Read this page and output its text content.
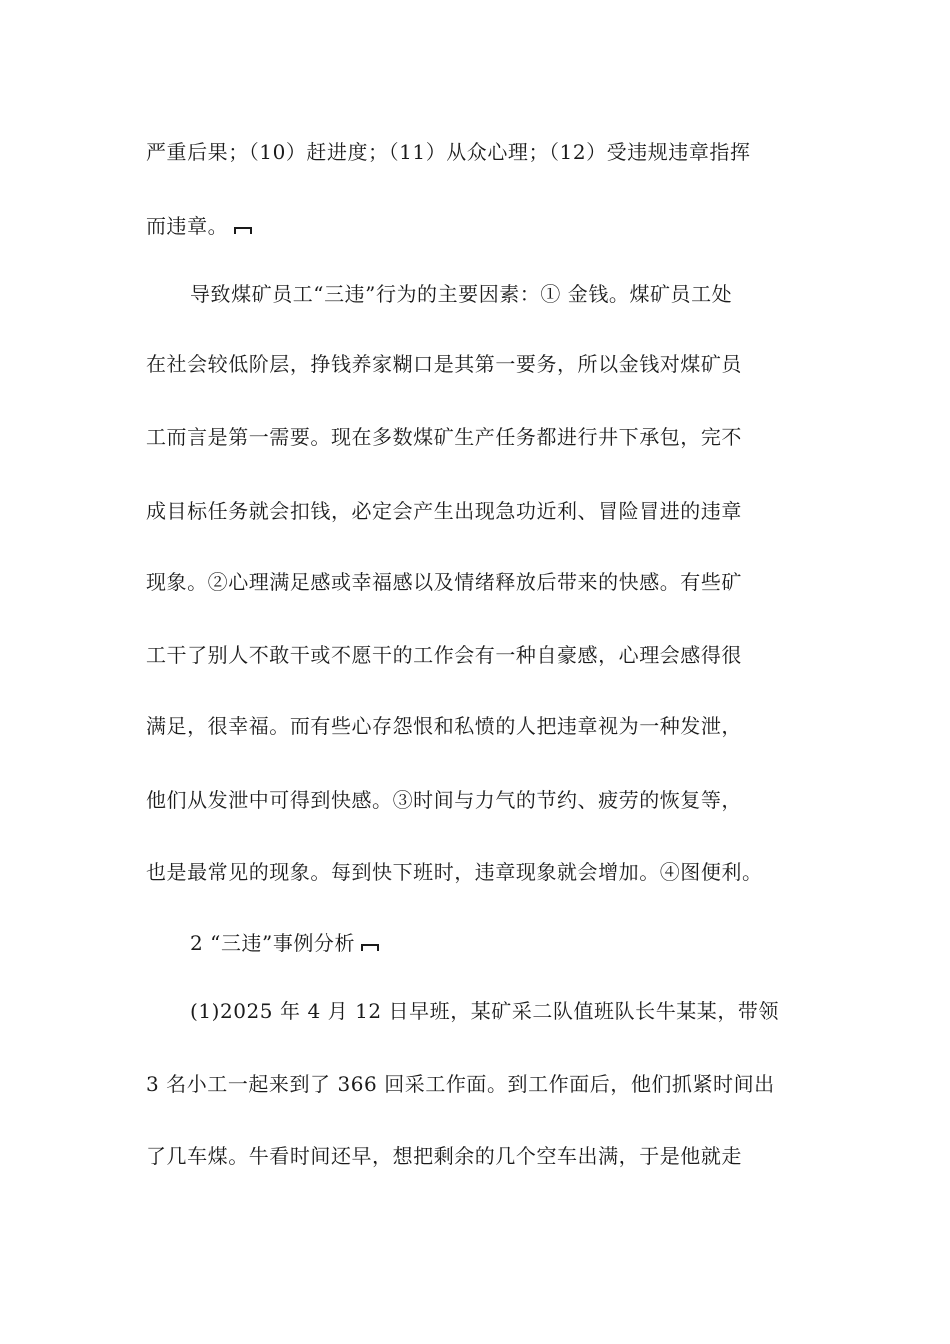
严重后果；（10）赶进度；（11）从众心理；（12）受违规违章指挥
而违章。
导致煤矿员工“三违”行为的主要因素：① 金钱。煤矿员工处
在社会较低阶层，挣钱养家糊口是其第一要务，所以金钱对煤矿员
工而言是第一需要。现在多数煤矿生产任务都进行井下承包，完不
成目标任务就会扣钱，必定会产生出现急功近利、冒险冒进的违章
现象。②心理满足感或幸福感以及情绪释放后带来的快感。有些矿
工干了别人不敢干或不愿干的工作会有一种自豪感，心理会感得很
满足，很幸福。而有些心存怨恨和私愤的人把违章视为一种发泄，
他们从发泄中可得到快感。③时间与力气的节约、疲劳的恢复等，
也是最常见的现象。每到快下班时，违章现象就会增加。④图便利。
2 “三违”事例分析
(1)2025 年 4 月 12 日早班，某矿采二队值班队长牛某某，带领
3 名小工一起来到了 366 回采工作面。到工作面后，他们抓紧时间出
了几车煤。牛看时间还早，想把剩余的几个空车出满，于是他就走
